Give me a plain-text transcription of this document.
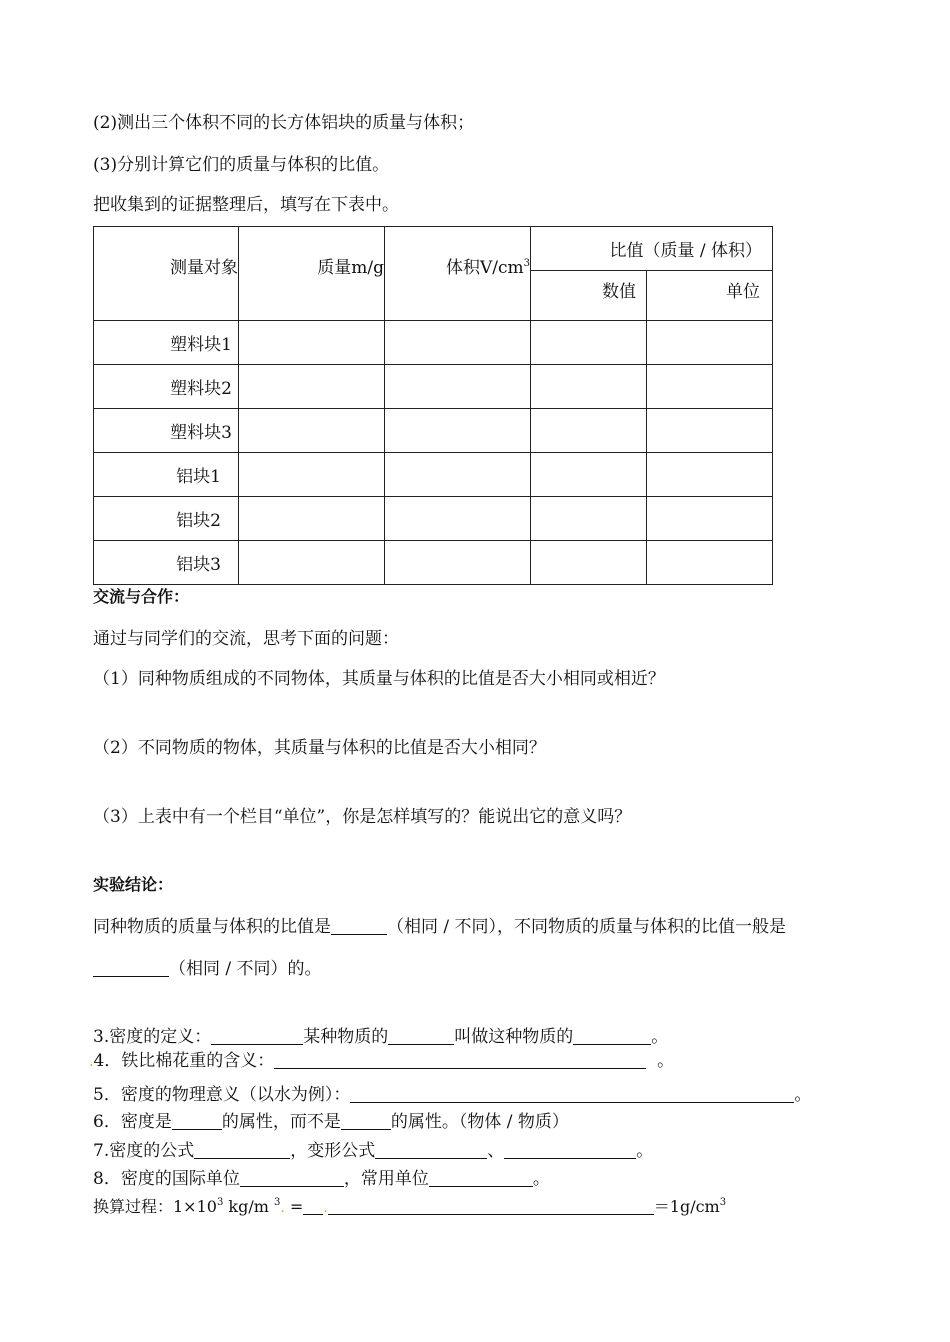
(2)测出三个体积不同的长方体铝块的质量与体积；
(3)分别计算它们的质量与体积的比值。
把收集到的证据整理后，填写在下表中。
测量对象	质量m/g	体积$V/cm^3$	比值（质量 / 体积）	
			数值	单位
塑料块1				
塑料块2				
塑料块3				
铝块1				
铝块2				
铝块3				
交流与合作：
通过与同学们的交流，思考下面的问题：
（1）同种物质组成的不同物体，其质量与体积的比值是否大小相同或相近？
（2）不同物质的物体，其质量与体积的比值是否大小相同？
（3）上表中有一个栏目“单位”，你是怎样填写的？能说出它的意义吗？
实验结论：
同种物质的质量与体积的比值是	（相同 / 不同），不同物质的质量与体积的比值一般是
（相同 / 不同）的。
3.密度的定义：	某种物质的	叫做这种物质的	。
.4．铁比棉花重的含义：	。
5．密度的物理意义（以水为例）：	。
6．密度是	的属性，而不是	的属性。（物体 / 物质）
7.密度的公式	，变形公式	、	。
8．密度的国际单位	，常用单位	。
换算过程：$1\times 10^3$ kg/m $^3$. = .	$=1g/cm^3$
